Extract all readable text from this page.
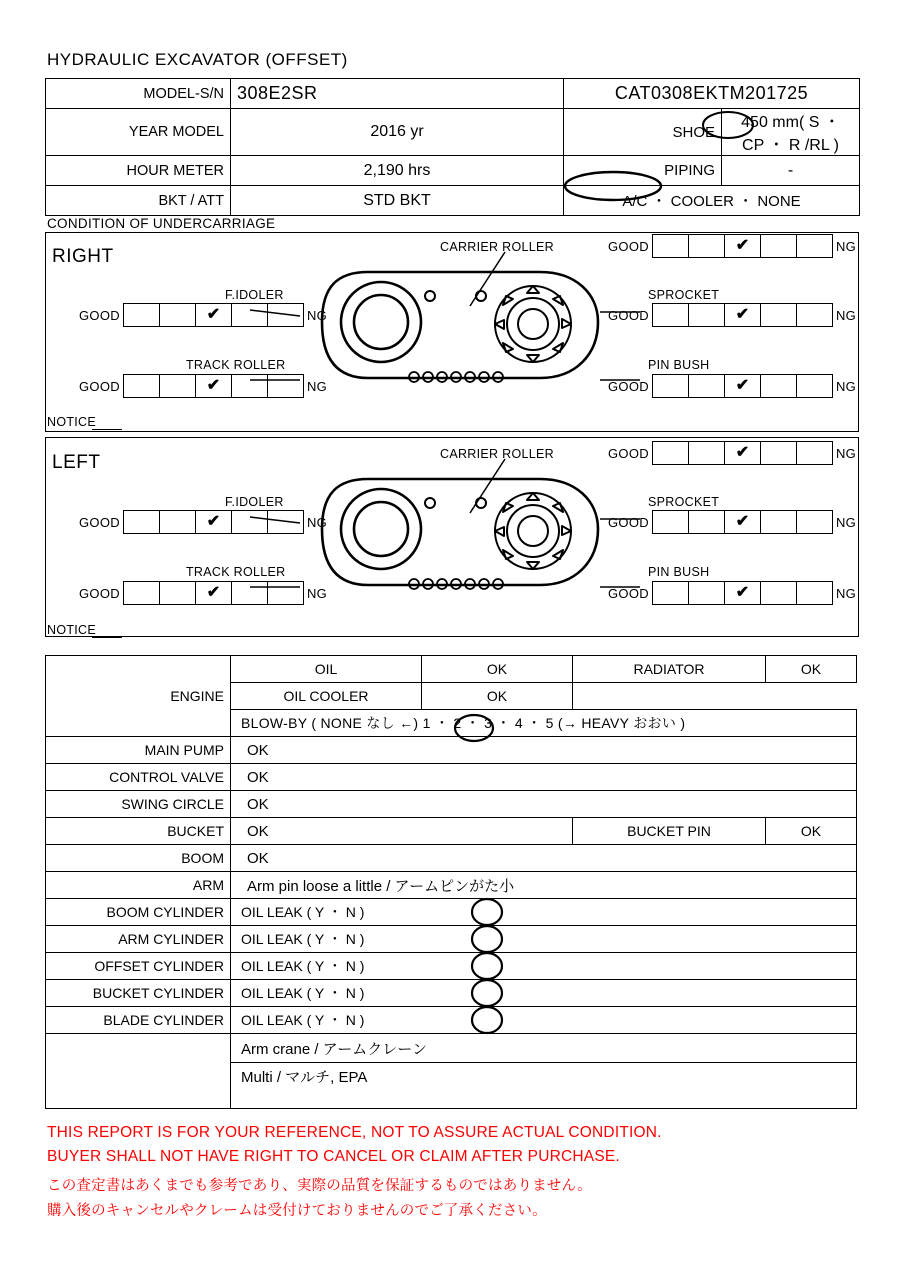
HYDRAULIC EXCAVATOR (OFFSET)
MODEL-S/N	308E2SR	CAT0308EKTM201725	
YEAR MODEL	2016 yr	SHOE	450 mm( S ・ CP ・ R /RL )
HOUR METER	2,190 hrs	PIPING	-
BKT / ATT	STD BKT	A/C ・ COOLER ・ NONE	
CONDITION OF UNDERCARRIAGE
RIGHT	CARRIER ROLLER	GOOD	✔	NG
F.IDOLER
GOOD	✔	NG
SPROCKET
GOOD	✔	NG
TRACK ROLLER
GOOD	✔	NG
PIN BUSH
GOOD	✔	NG
NOTICE
LEFT	CARRIER ROLLER	GOOD	✔	NG
F.IDOLER
GOOD	✔	NG
SPROCKET
GOOD	✔	NG
TRACK ROLLER
GOOD	✔	NG
PIN BUSH
GOOD	✔	NG
NOTICE
ENGINE	OIL	OK	RADIATOR	OK
	OIL COOLER	OK		
	BLOW-BY ( NONE なし ←) 1 ・ 2 ・ 3 ・ 4 ・ 5 (→ HEAVY おおい )			
MAIN PUMP	OK			
CONTROL VALVE	OK			
SWING CIRCLE	OK			
BUCKET	OK		BUCKET PIN	OK
BOOM	OK			
ARM	Arm pin loose a little / アームピンがた小			
BOOM CYLINDER	OIL LEAK ( Y ・ N )			
ARM CYLINDER	OIL LEAK ( Y ・ N )			
OFFSET CYLINDER	OIL LEAK ( Y ・ N )			
BUCKET CYLINDER	OIL LEAK ( Y ・ N )			
BLADE CYLINDER	OIL LEAK ( Y ・ N )			
	Arm crane / アームクレーン			
	Multi / マルチ, EPA			
THIS REPORT IS FOR YOUR REFERENCE, NOT TO ASSURE ACTUAL CONDITION.
BUYER SHALL NOT HAVE RIGHT TO CANCEL OR CLAIM AFTER PURCHASE.
この査定書はあくまでも参考であり、実際の品質を保証するものではありません。
購入後のキャンセルやクレームは受付けておりませんのでご了承ください。
